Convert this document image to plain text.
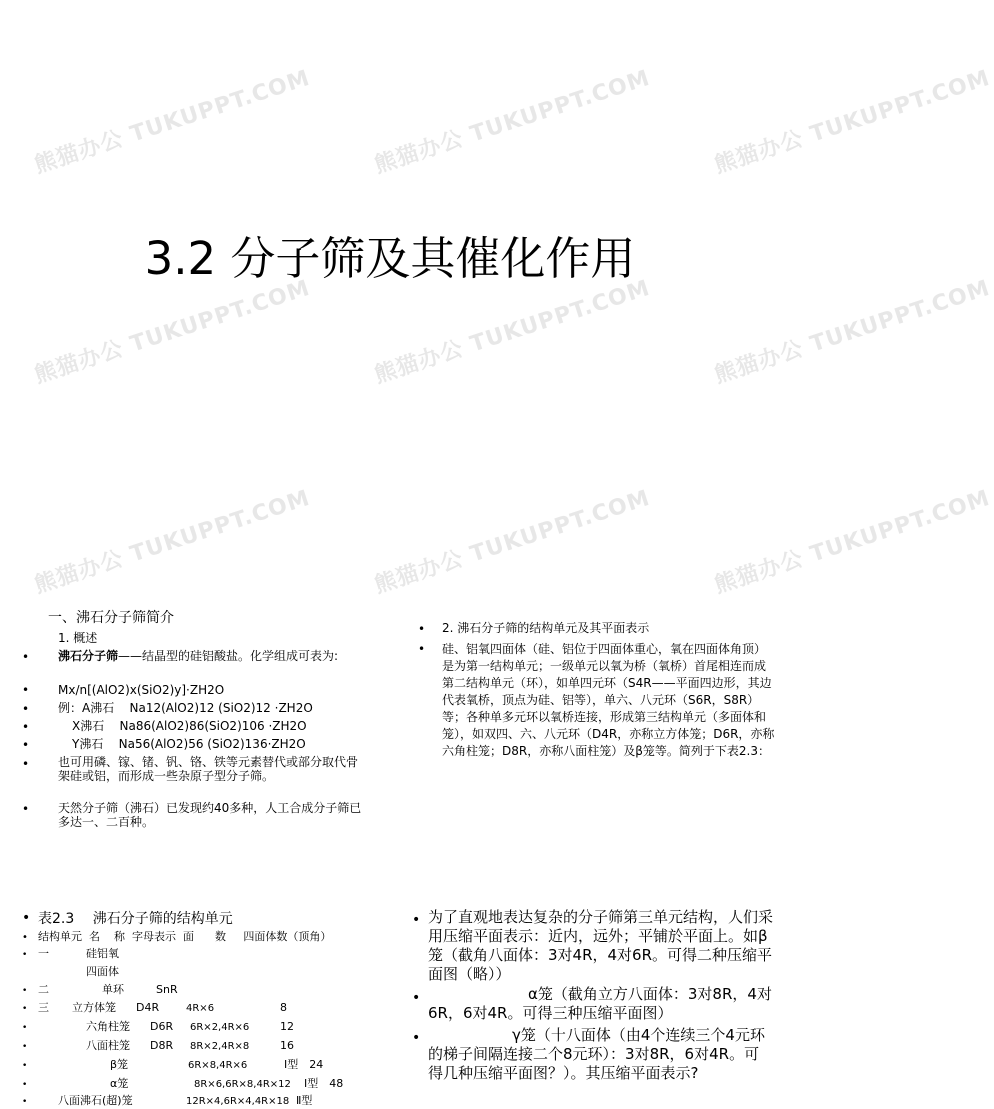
熊猫办公 TUKUPPT.COM	熊猫办公 TUKUPPT.COM	熊猫办公 TUKUPPT.COM
熊猫办公 TUKUPPT.COM	熊猫办公 TUKUPPT.COM	熊猫办公 TUKUPPT.COM
熊猫办公 TUKUPPT.COM	熊猫办公 TUKUPPT.COM	熊猫办公 TUKUPPT.COM
3.2 分子筛及其催化作用
一、沸石分子筛简介
1. 概述
• 沸石分子筛——结晶型的硅铝酸盐。化学组成可表为:
• Mx/n[(AlO2)x(SiO2)y]·ZH2O
• 例：A沸石 Na12(AlO2)12 (SiO2)12 ·ZH2O
•	X沸石 Na86(AlO2)86(SiO2)106 ·ZH2O
•	Y沸石 Na56(AlO2)56 (SiO2)136·ZH2O
• 也可用磷、镓、锗、钒、铬、铁等元素替代或部分取代骨架硅或铝，而形成一些杂原子型分子筛。
• 天然分子筛（沸石）已发现约40多种，人工合成分子筛已多达一、二百种。
• 2. 沸石分子筛的结构单元及其平面表示
• 硅、铝氧四面体（硅、铝位于四面体重心，氧在四面体角顶）是为第一结构单元；一级单元以氧为桥（氧桥）首尾相连而成第二结构单元（环），如单四元环（S4R——平面四边形，其边代表氧桥，顶点为硅、铝等），单六、八元环（S6R，S8R）等；各种单多元环以氧桥连接，形成第三结构单元（多面体和笼），如双四、六、八元环（D4R，亦称立方体笼；D6R，亦称六角柱笼；D8R，亦称八面柱笼）及β笼等。简列于下表2.3：
• 表2.3　 沸石分子筛的结构单元
• 结构单元  名    称  字母表示  面      数     四面体数（顶角）
• 一	硅铝氧
四面体
• 二	单环	SnR
• 三 立方体笼 D4R	4R×6	8
•	六角柱笼 D6R 6R×2,4R×6	12
•	八面柱笼 D8R 8R×2,4R×8	16
•	β笼	6R×8,4R×6	Ⅰ型　24
•	α笼	8R×6,6R×8,4R×12 Ⅰ型　48
•	八面沸石(超)笼	12R×4,6R×4,4R×18 Ⅱ型
• 为了直观地表达复杂的分子筛第三单元结构，人们采用压缩平面表示：近内，远外；平铺於平面上。如β笼（截角八面体：3对4R，4对6R。可得二种压缩平面图（略））
•	α笼（截角立方八面体：3对8R，4对6R，6对4R。可得三种压缩平面图）
•	γ笼（十八面体（由4个连续三个4元环的梯子间隔连接二个8元环）：3对8R，6对4R。可得几种压缩平面图？）。其压缩平面表示?
